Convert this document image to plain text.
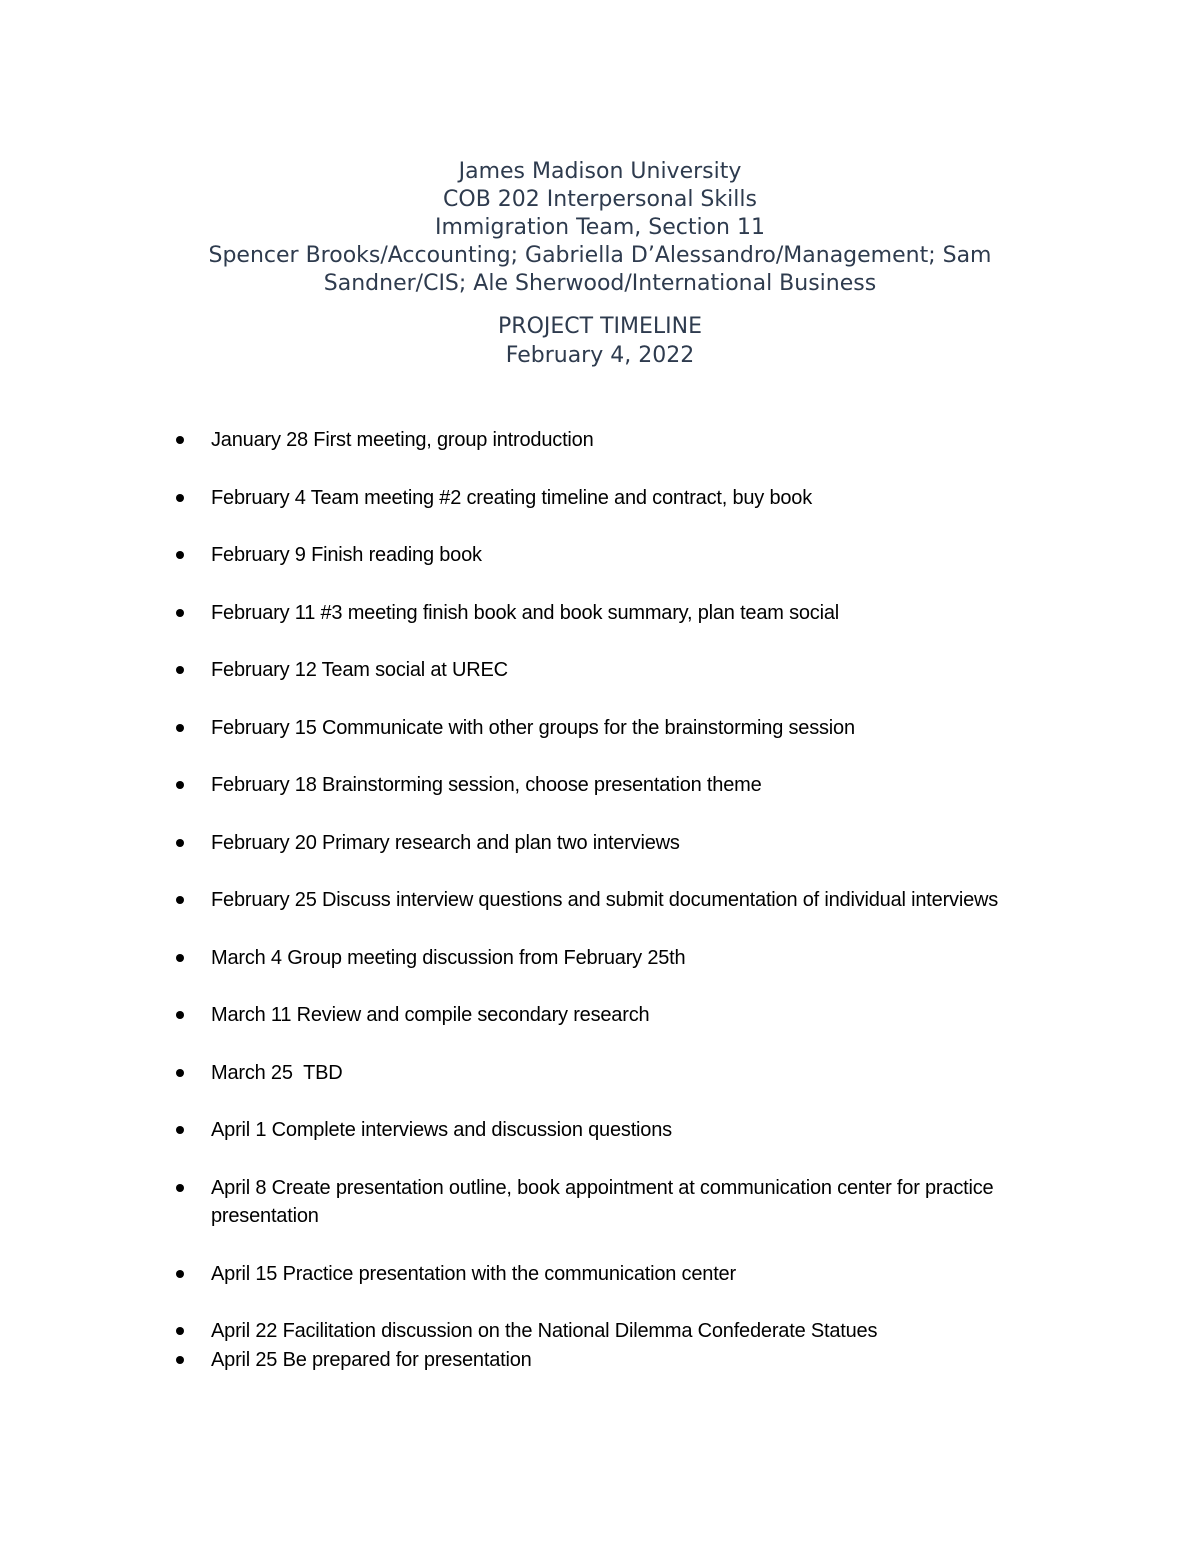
James Madison University
COB 202 Interpersonal Skills
Immigration Team, Section 11
Spencer Brooks/Accounting; Gabriella D’Alessandro/Management; Sam Sandner/CIS; Ale Sherwood/International Business
PROJECT TIMELINE
February 4, 2022
January 28 First meeting, group introduction
February 4 Team meeting #2 creating timeline and contract, buy book
February 9 Finish reading book
February 11 #3 meeting finish book and book summary, plan team social
February 12 Team social at UREC
February 15 Communicate with other groups for the brainstorming session
February 18 Brainstorming session, choose presentation theme
February 20 Primary research and plan two interviews
February 25 Discuss interview questions and submit documentation of individual interviews
March 4 Group meeting discussion from February 25th
March 11 Review and compile secondary research
March 25  TBD
April 1 Complete interviews and discussion questions
April 8 Create presentation outline, book appointment at communication center for practice presentation
April 15 Practice presentation with the communication center
April 22 Facilitation discussion on the National Dilemma Confederate Statues
April 25 Be prepared for presentation
